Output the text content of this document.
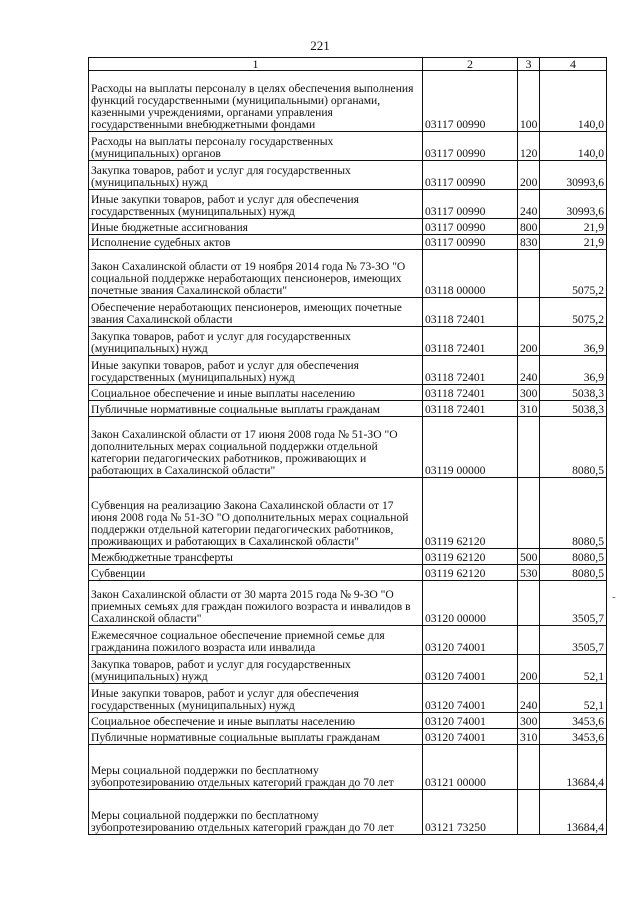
221
1	2	3	4
Расходы на выплаты персоналу в целях обеспечения выполнения функций государственными (муниципальными) органами, казенными учреждениями, органами управления государственными внебюджетными фондами	03117 00990	100	140,0
Расходы на выплаты персоналу государственных (муниципальных) органов	03117 00990	120	140,0
Закупка товаров, работ и услуг для государственных (муниципальных) нужд	03117 00990	200	30993,6
Иные закупки товаров, работ и услуг для обеспечения государственных (муниципальных) нужд	03117 00990	240	30993,6
Иные бюджетные ассигнования	03117 00990	800	21,9
Исполнение судебных актов	03117 00990	830	21,9
Закон Сахалинской области от 19 ноября 2014 года № 73-ЗО "О социальной поддержке неработающих пенсионеров, имеющих почетные звания Сахалинской области"	03118 00000		5075,2
Обеспечение неработающих пенсионеров, имеющих почетные звания Сахалинской области	03118 72401		5075,2
Закупка товаров, работ и услуг для государственных (муниципальных) нужд	03118 72401	200	36,9
Иные закупки товаров, работ и услуг для обеспечения государственных (муниципальных) нужд	03118 72401	240	36,9
Социальное обеспечение и иные выплаты населению	03118 72401	300	5038,3
Публичные нормативные социальные выплаты гражданам	03118 72401	310	5038,3
Закон Сахалинской области от 17 июня 2008 года № 51-ЗО "О дополнительных мерах социальной поддержки отдельной категории педагогических работников, проживающих и работающих в Сахалинской области"	03119 00000		8080,5
Субвенция на реализацию Закона Сахалинской области от 17 июня 2008 года № 51-ЗО "О дополнительных мерах социальной поддержки отдельной категории педагогических работников, проживающих и работающих в Сахалинской области"	03119 62120		8080,5
Межбюджетные трансферты	03119 62120	500	8080,5
Субвенции	03119 62120	530	8080,5
Закон Сахалинской области от 30 марта 2015 года № 9-ЗО "О приемных семьях для граждан пожилого возраста и инвалидов в Сахалинской области"	03120 00000		3505,7
Ежемесячное социальное обеспечение приемной семье для гражданина пожилого возраста или инвалида	03120 74001		3505,7
Закупка товаров, работ и услуг для государственных (муниципальных) нужд	03120 74001	200	52,1
Иные закупки товаров, работ и услуг для обеспечения государственных (муниципальных) нужд	03120 74001	240	52,1
Социальное обеспечение и иные выплаты населению	03120 74001	300	3453,6
Публичные нормативные социальные выплаты гражданам	03120 74001	310	3453,6
Меры социальной поддержки по бесплатному зубопротезированию отдельных категорий граждан до 70 лет	03121 00000		13684,4
Меры социальной поддержки по бесплатному зубопротезированию отдельных категорий граждан до 70 лет	03121 73250		13684,4
-
